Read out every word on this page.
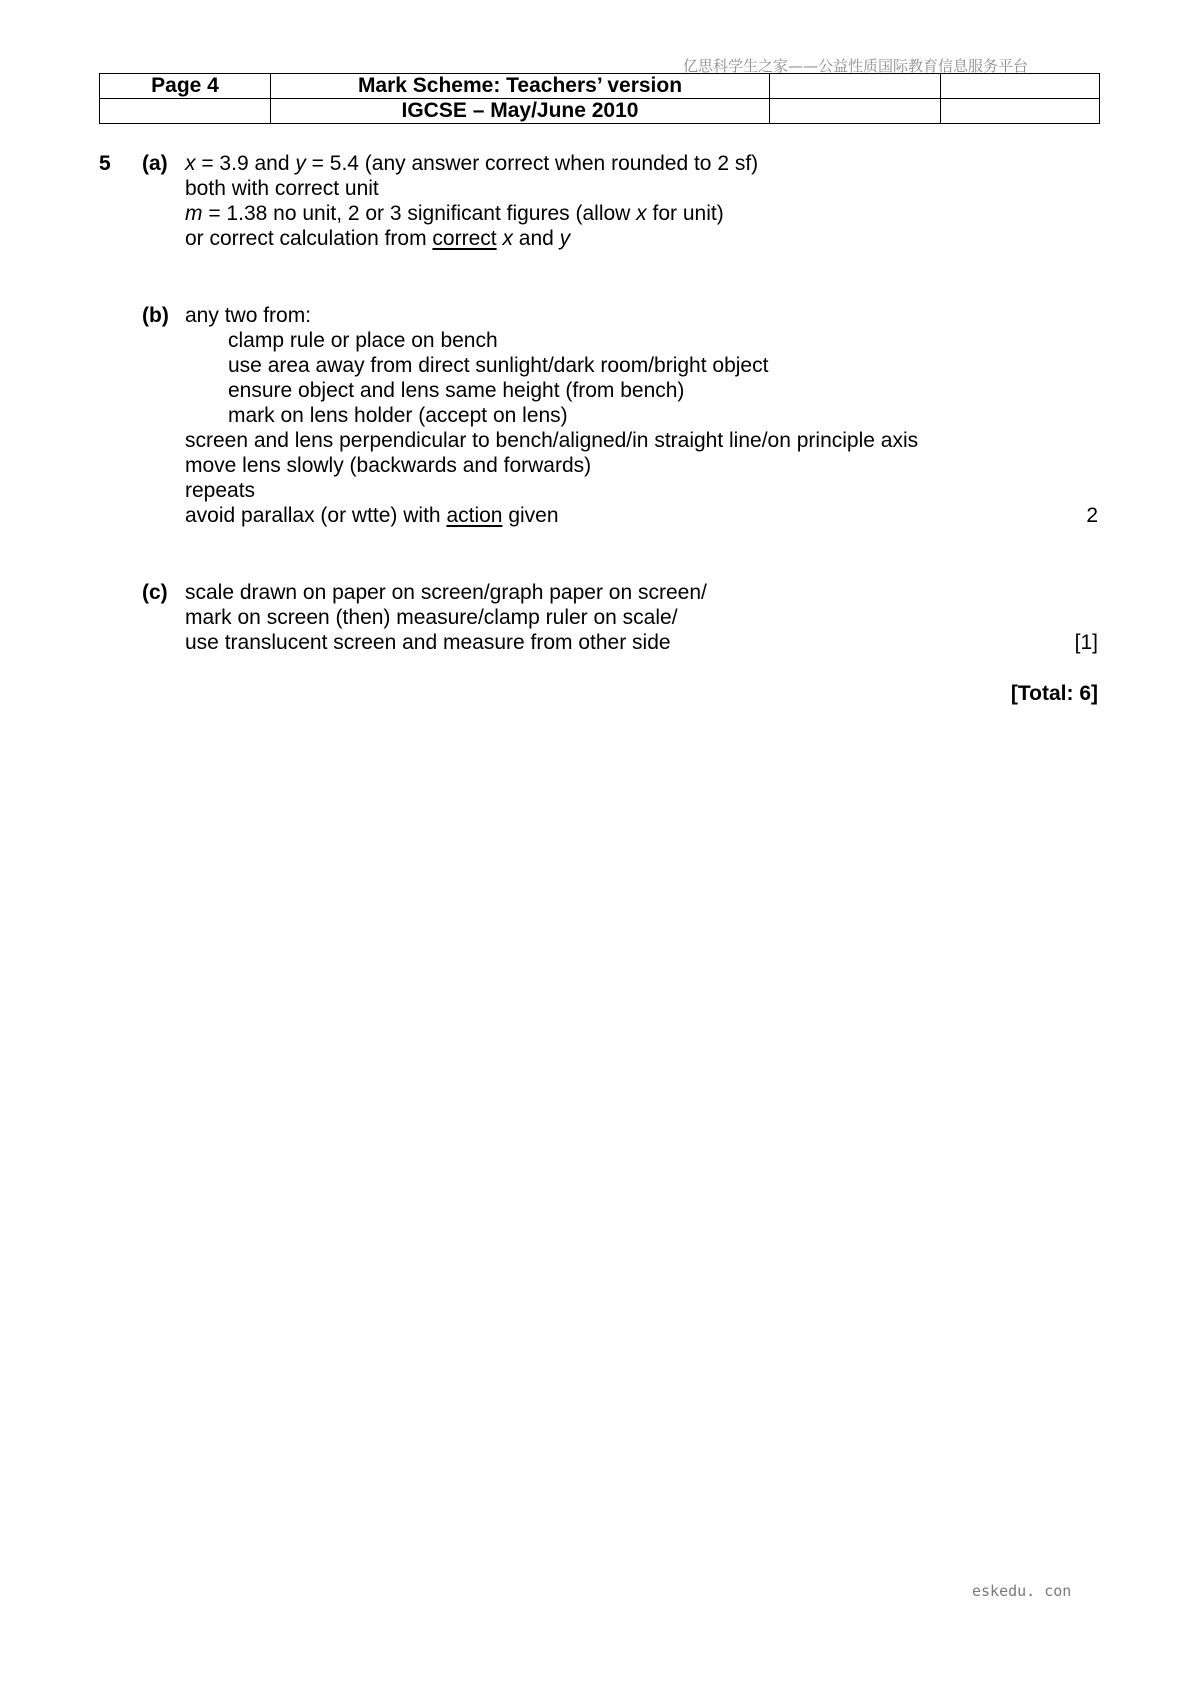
亿思科学生之家——公益性质国际教育信息服务平台
Page 4	Mark Scheme: Teachers’ version		
	IGCSE – May/June 2010		
5 (a) x = 3.9 and y = 5.4 (any answer correct when rounded to 2 sf)
both with correct unit
m = 1.38 no unit, 2 or 3 significant figures (allow x for unit)
or correct calculation from correct x and y
(b) any two from:
clamp rule or place on bench
use area away from direct sunlight/dark room/bright object
ensure object and lens same height (from bench)
mark on lens holder (accept on lens)
screen and lens perpendicular to bench/aligned/in straight line/on principle axis
move lens slowly (backwards and forwards)
repeats
avoid parallax (or wtte) with action given	2
(c) scale drawn on paper on screen/graph paper on screen/
mark on screen (then) measure/clamp ruler on scale/
use translucent screen and measure from other side	[1]
[Total: 6]
eskedu. con
